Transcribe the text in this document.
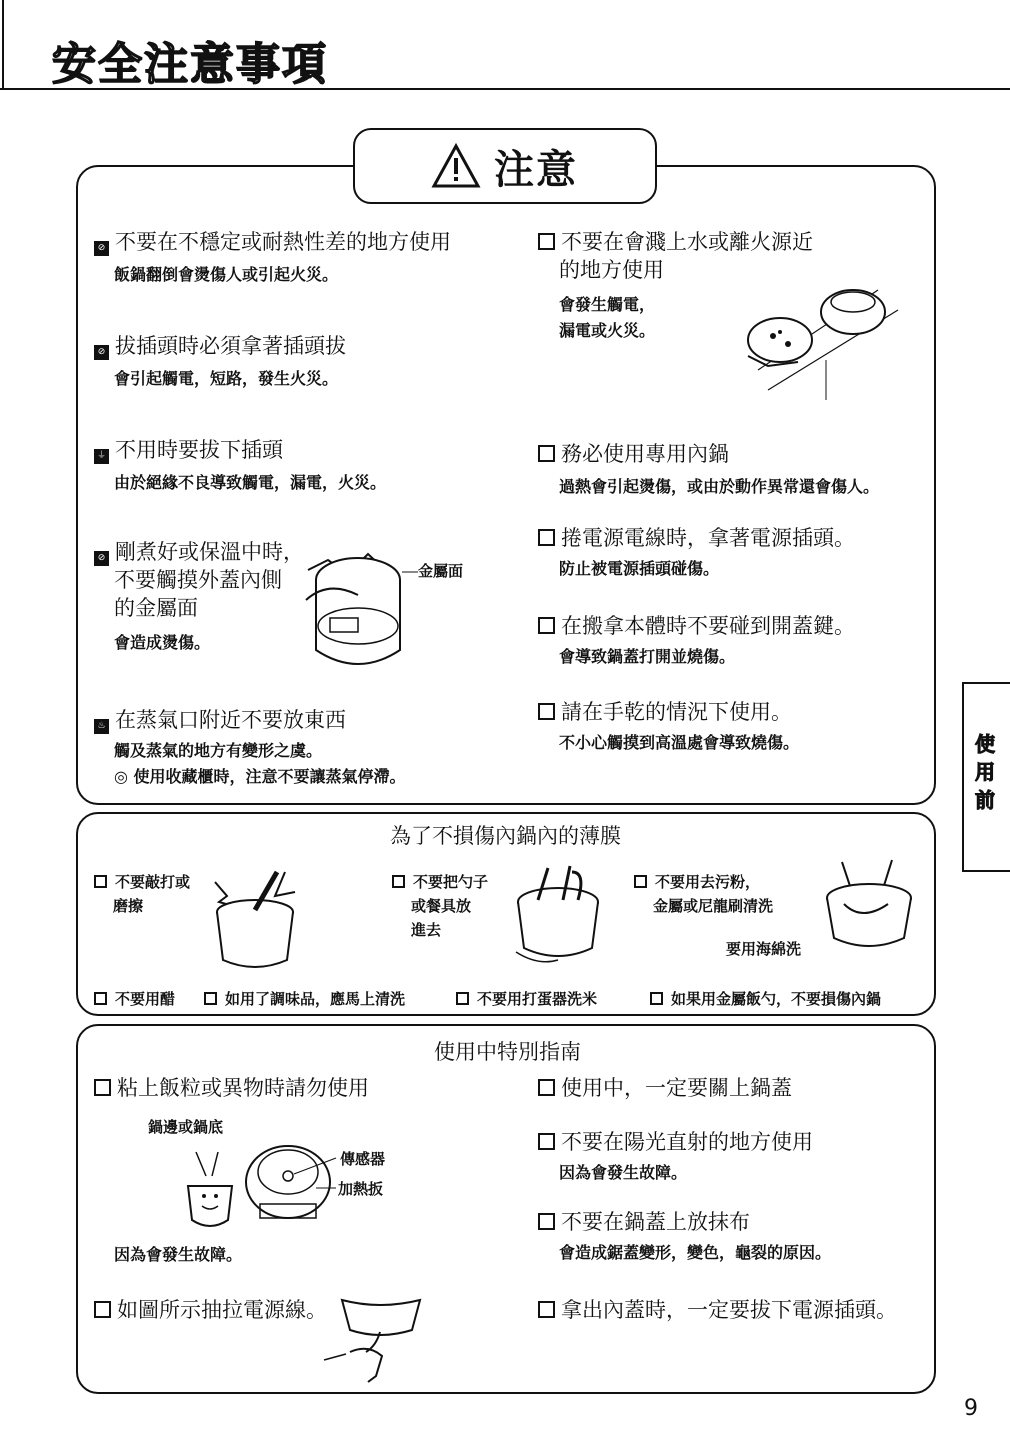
安全注意事項
注意
⊘ 不要在不穩定或耐熱性差的地方使用
飯鍋翻倒會燙傷人或引起火災。
⊘ 拔插頭時必須拿著插頭拔
會引起觸電，短路，發生火災。
⏚ 不用時要拔下插頭
由於絕緣不良導致觸電，漏電，火災。
⊘ 剛煮好或保溫中時，
不要觸摸外蓋內側
的金屬面
會造成燙傷。
金屬面
♨ 在蒸氣口附近不要放東西
觸及蒸氣的地方有變形之虞。
◎ 使用收藏櫃時，注意不要讓蒸氣停滯。
不要在會濺上水或離火源近
的地方使用
會發生觸電，
漏電或火災。
務必使用專用內鍋
過熱會引起燙傷，或由於動作異常還會傷人。
捲電源電線時，拿著電源插頭。
防止被電源插頭碰傷。
在搬拿本體時不要碰到開蓋鍵。
會導致鍋蓋打開並燒傷。
請在手乾的情況下使用。
不小心觸摸到高溫處會導致燒傷。	使用前
為了不損傷內鍋內的薄膜
不要敲打或
磨擦
不要把勺子
或餐具放
進去
不要用去污粉，
金屬或尼龍刷清洗
要用海綿洗
不要用醋	如用了調味品，應馬上清洗	不要用打蛋器洗米	如果用金屬飯勺，不要損傷內鍋
使用中特別指南
粘上飯粒或異物時請勿使用
鍋邊或鍋底
傳感器
加熱扳
因為會發生故障。
如圖所示抽拉電源線。
使用中，一定要關上鍋蓋
不要在陽光直射的地方使用
因為會發生故障。
不要在鍋蓋上放抹布
會造成鋸蓋變形，變色，龜裂的原因。
拿出內蓋時，一定要拔下電源插頭。
9
